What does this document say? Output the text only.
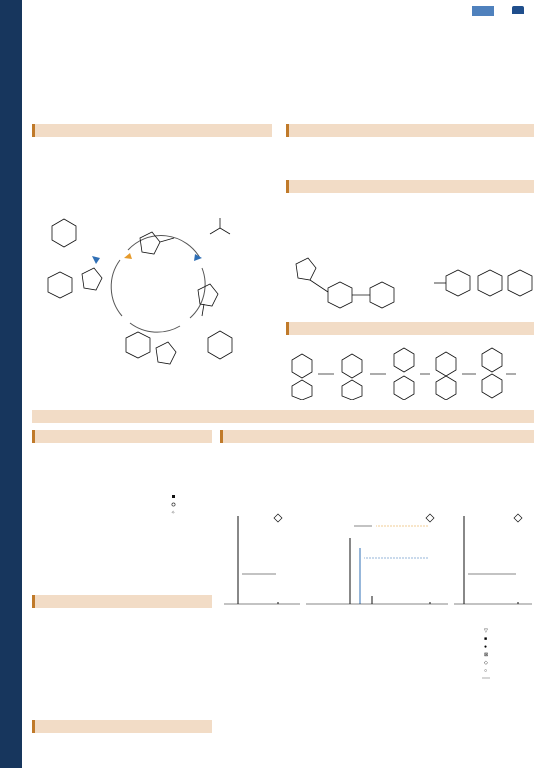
✧
▽
■
●
⊠
◇
○
